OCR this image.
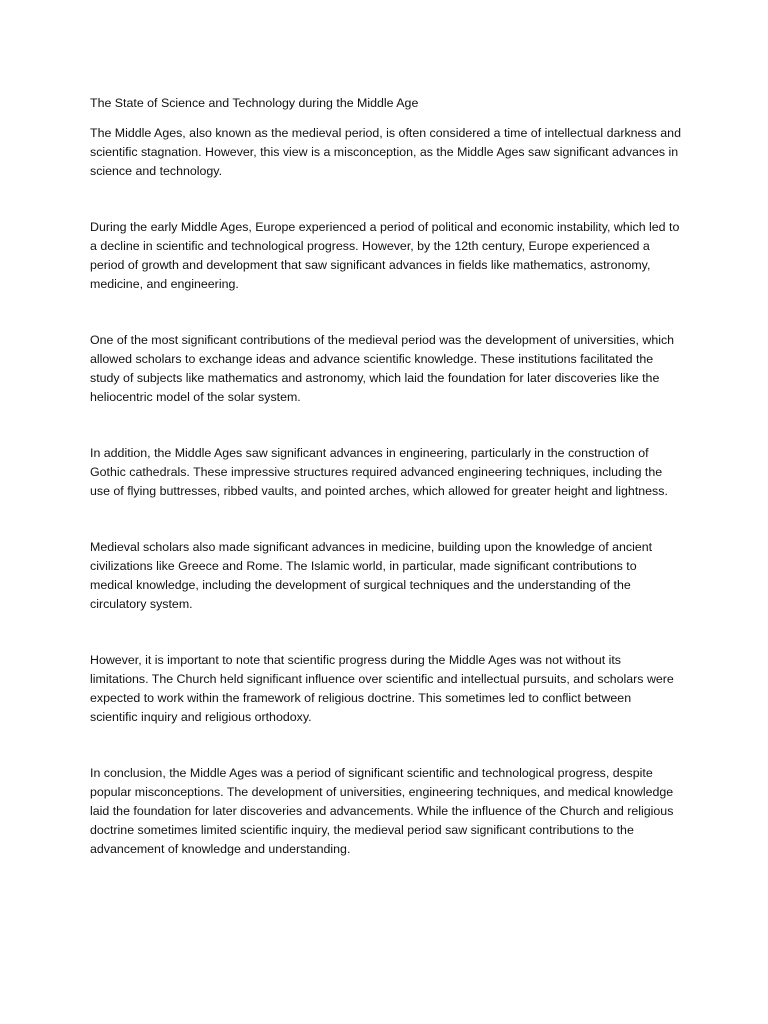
The State of Science and Technology during the Middle Age

The Middle Ages, also known as the medieval period, is often considered a time of intellectual darkness and scientific stagnation. However, this view is a misconception, as the Middle Ages saw significant advances in science and technology.

During the early Middle Ages, Europe experienced a period of political and economic instability, which led to a decline in scientific and technological progress. However, by the 12th century, Europe experienced a period of growth and development that saw significant advances in fields like mathematics, astronomy, medicine, and engineering.

One of the most significant contributions of the medieval period was the development of universities, which allowed scholars to exchange ideas and advance scientific knowledge. These institutions facilitated the study of subjects like mathematics and astronomy, which laid the foundation for later discoveries like the heliocentric model of the solar system.

In addition, the Middle Ages saw significant advances in engineering, particularly in the construction of Gothic cathedrals. These impressive structures required advanced engineering techniques, including the use of flying buttresses, ribbed vaults, and pointed arches, which allowed for greater height and lightness.

Medieval scholars also made significant advances in medicine, building upon the knowledge of ancient civilizations like Greece and Rome. The Islamic world, in particular, made significant contributions to medical knowledge, including the development of surgical techniques and the understanding of the circulatory system.

However, it is important to note that scientific progress during the Middle Ages was not without its limitations. The Church held significant influence over scientific and intellectual pursuits, and scholars were expected to work within the framework of religious doctrine. This sometimes led to conflict between scientific inquiry and religious orthodoxy.

In conclusion, the Middle Ages was a period of significant scientific and technological progress, despite popular misconceptions. The development of universities, engineering techniques, and medical knowledge laid the foundation for later discoveries and advancements. While the influence of the Church and religious doctrine sometimes limited scientific inquiry, the medieval period saw significant contributions to the advancement of knowledge and understanding.
